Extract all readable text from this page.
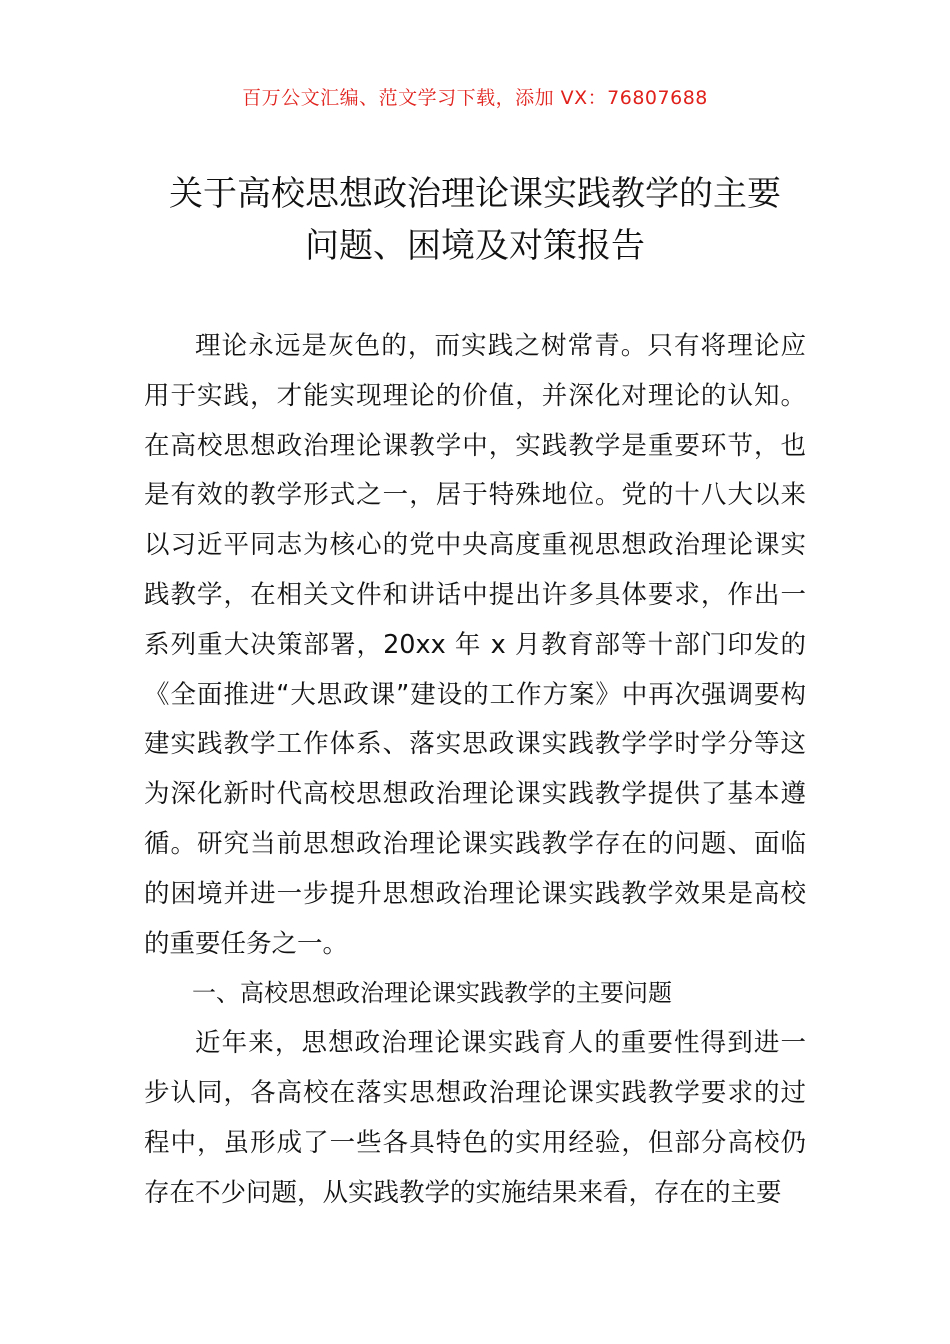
百万公文汇编、范文学习下载，添加 VX：76807688
关于高校思想政治理论课实践教学的主要
问题、困境及对策报告

理论永远是灰色的，而实践之树常青。只有将理论应用于实践，才能实现理论的价值，并深化对理论的认知。在高校思想政治理论课教学中，实践教学是重要环节，也是有效的教学形式之一，居于特殊地位。党的十八大以来以习近平同志为核心的党中央高度重视思想政治理论课实践教学，在相关文件和讲话中提出许多具体要求，作出一系列重大决策部署，20xx 年 x 月教育部等十部门印发的《全面推进“大思政课”建设的工作方案》中再次强调要构建实践教学工作体系、落实思政课实践教学学时学分等这为深化新时代高校思想政治理论课实践教学提供了基本遵循。研究当前思想政治理论课实践教学存在的问题、面临的困境并进一步提升思想政治理论课实践教学效果是高校的重要任务之一。

一、高校思想政治理论课实践教学的主要问题

近年来，思想政治理论课实践育人的重要性得到进一步认同，各高校在落实思想政治理论课实践教学要求的过程中，虽形成了一些各具特色的实用经验，但部分高校仍存在不少问题，从实践教学的实施结果来看，存在的主要
